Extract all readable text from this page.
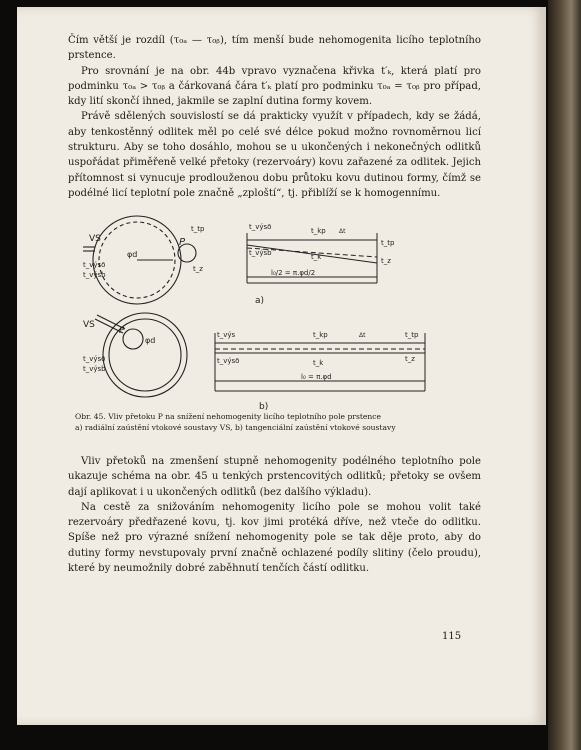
Čím větší je rozdíl (τ₀ₐ — τ₀ᵦ), tím menší bude nehomogenita licího teplotního prstence.

Pro srovnání je na obr. 44b vpravo vyznačena křivka t′ₖ, která platí pro podminku τ₀ₐ > τ₀ᵦ a čárkovaná čára t′ₖ platí pro podminku τ₀ₐ = τ₀ᵦ pro případ, kdy lití skončí ihned, jakmile se zaplní dutina formy kovem.

Právě sdělených souvislostí se dá prakticky využít v případech, kdy se žádá, aby tenkostěnný odlitek měl po celé své délce pokud možno rovnoměrnou licí strukturu. Aby se toho dosáhlo, mohou se u ukončených i nekonečných odlitků uspořádat přiměřeně velké přetoky (rezervoáry) kovu zařazené za odlitek. Jejich přítomnost si vynucuje prodlouženou dobu průtoku kovu dutinou formy, čímž se podélné licí teplotní pole značně „zploští“, tj. přiblíží se k homogennímu.

VS	P
φd
t_tp
t_z
t_výsō
t_výsb
t_výsō
t_výsb
t_kp
t_k
Δt
t_tp
t_z
l₀/2 = π.φd/2
a)
VS
P
φd
t_výsō
t_výsb
t_výs
t_výsō
t_kp
t_k
Δt	t_tp
t_z
l₀ = π.φd
b)
Obr. 45. Vliv přetoku P na snížení nehomogenity licího teplotního pole prstence
a) radiální zaústění vtokové soustavy VS, b) tangenciální zaústění vtokové soustavy

Vliv přetoků na zmenšení stupně nehomogenity podélného teplotního pole ukazuje schéma na obr. 45 u tenkých prstencovitých odlitků; přetoky se ovšem dají aplikovat i u ukončených odlitků (bez dalšího výkladu).

Na cestě za snižováním nehomogenity licího pole se mohou volit také rezervoáry předřazené kovu, tj. kov jimi protéká dříve, než vteče do odlitku. Spíše než pro výrazné snížení nehomogenity pole se tak děje proto, aby do dutiny formy nevstupovaly první značně ochlazené podíly slitiny (čelo proudu), které by neumožnily dobré zaběhnutí tenčích částí odlitku.

115
